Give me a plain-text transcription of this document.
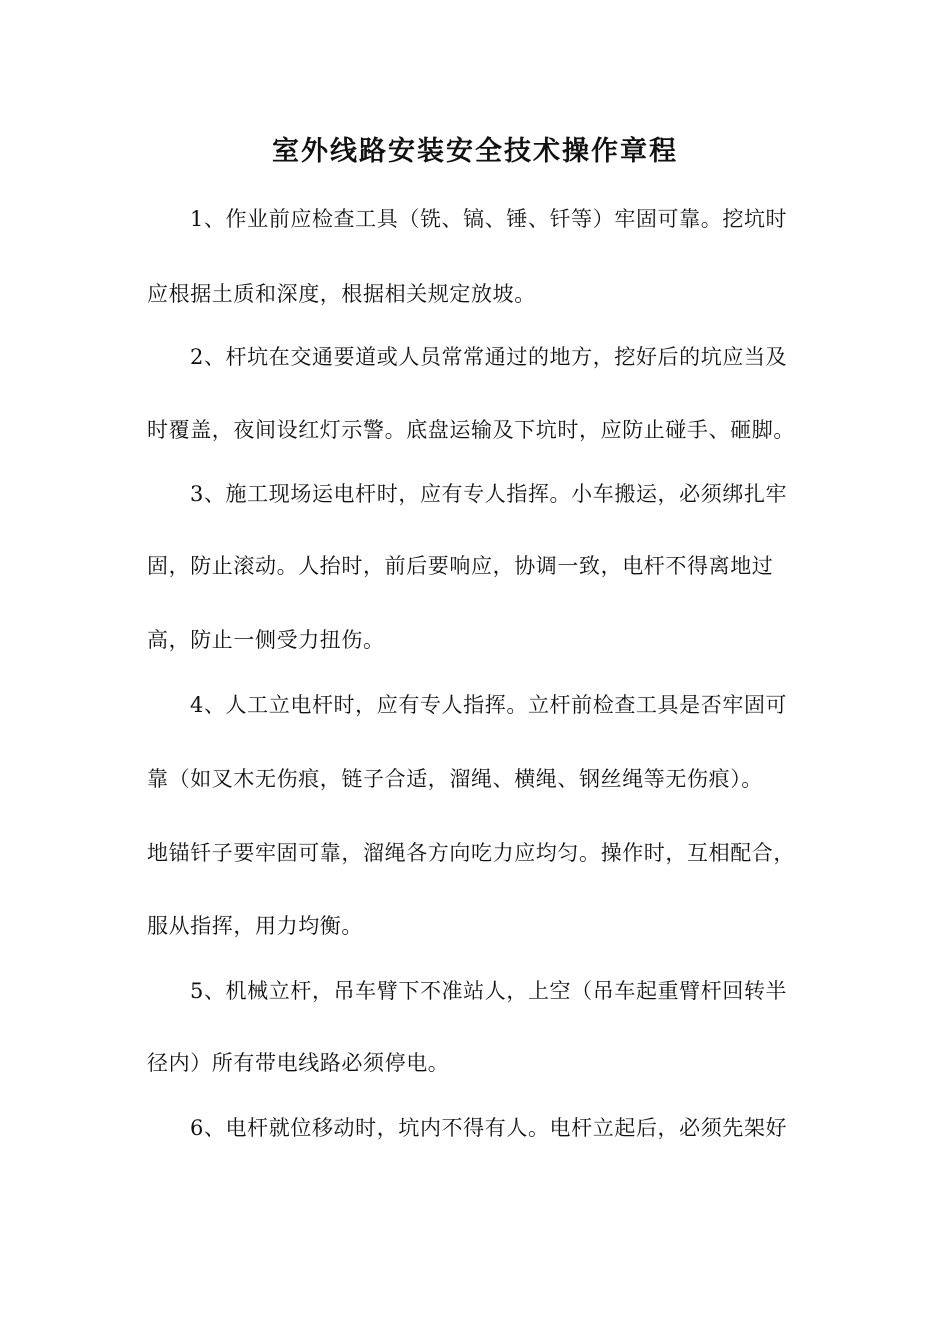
室外线路安装安全技术操作章程

1、作业前应检查工具（铣、镐、锤、钎等）牢固可靠。挖坑时

应根据土质和深度，根据相关规定放坡。

2、杆坑在交通要道或人员常常通过的地方，挖好后的坑应当及

时覆盖，夜间设红灯示警。底盘运输及下坑时，应防止碰手、砸脚。

3、施工现场运电杆时，应有专人指挥。小车搬运，必须绑扎牢

固，防止滚动。人抬时，前后要响应，协调一致，电杆不得离地过

高，防止一侧受力扭伤。

4、人工立电杆时，应有专人指挥。立杆前检查工具是否牢固可

靠（如叉木无伤痕，链子合适，溜绳、横绳、钢丝绳等无伤痕）。

地锚钎子要牢固可靠，溜绳各方向吃力应均匀。操作时，互相配合，

服从指挥，用力均衡。

5、机械立杆，吊车臂下不准站人，上空（吊车起重臂杆回转半

径内）所有带电线路必须停电。

6、电杆就位移动时，坑内不得有人。电杆立起后，必须先架好
